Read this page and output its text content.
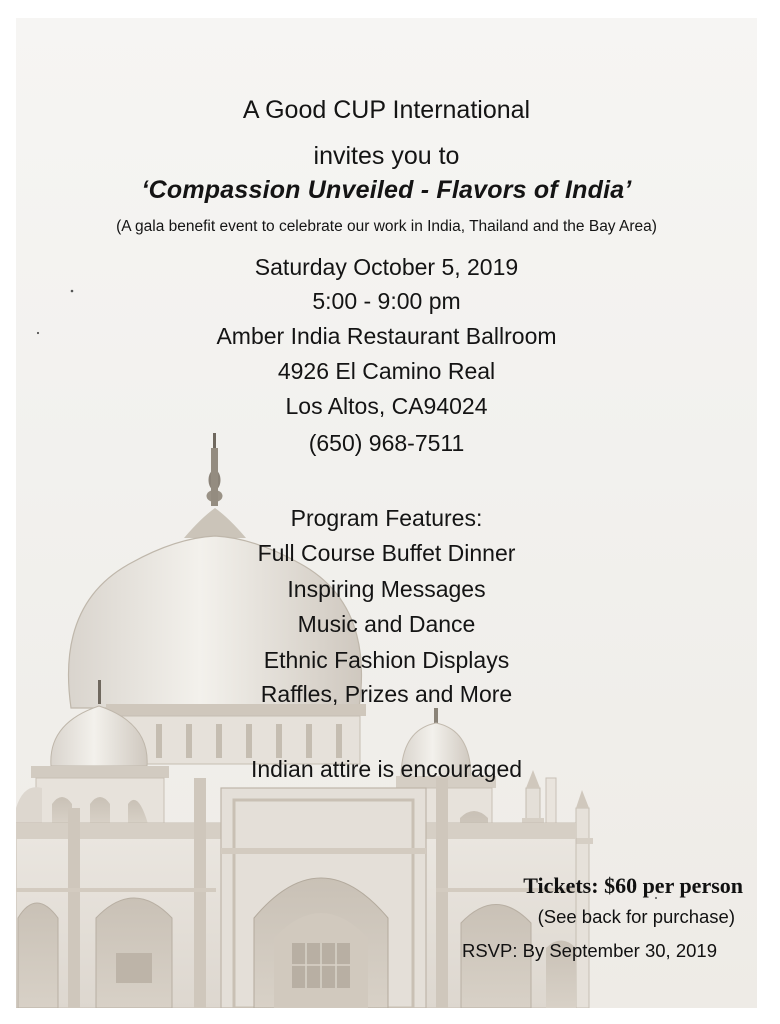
A Good CUP International
invites you to
‘Compassion Unveiled - Flavors of India’
(A gala benefit event to celebrate our work in India, Thailand and the Bay Area)
Saturday October 5, 2019
5:00 - 9:00 pm
Amber India Restaurant Ballroom
4926 El Camino Real
Los Altos, CA94024
(650) 968-7511
Program Features:
Full Course Buffet Dinner
Inspiring Messages
Music and Dance
Ethnic Fashion Displays
Raffles, Prizes and More
Indian attire is encouraged
Tickets: $60 per person
(See back for purchase)
RSVP: By September 30, 2019
